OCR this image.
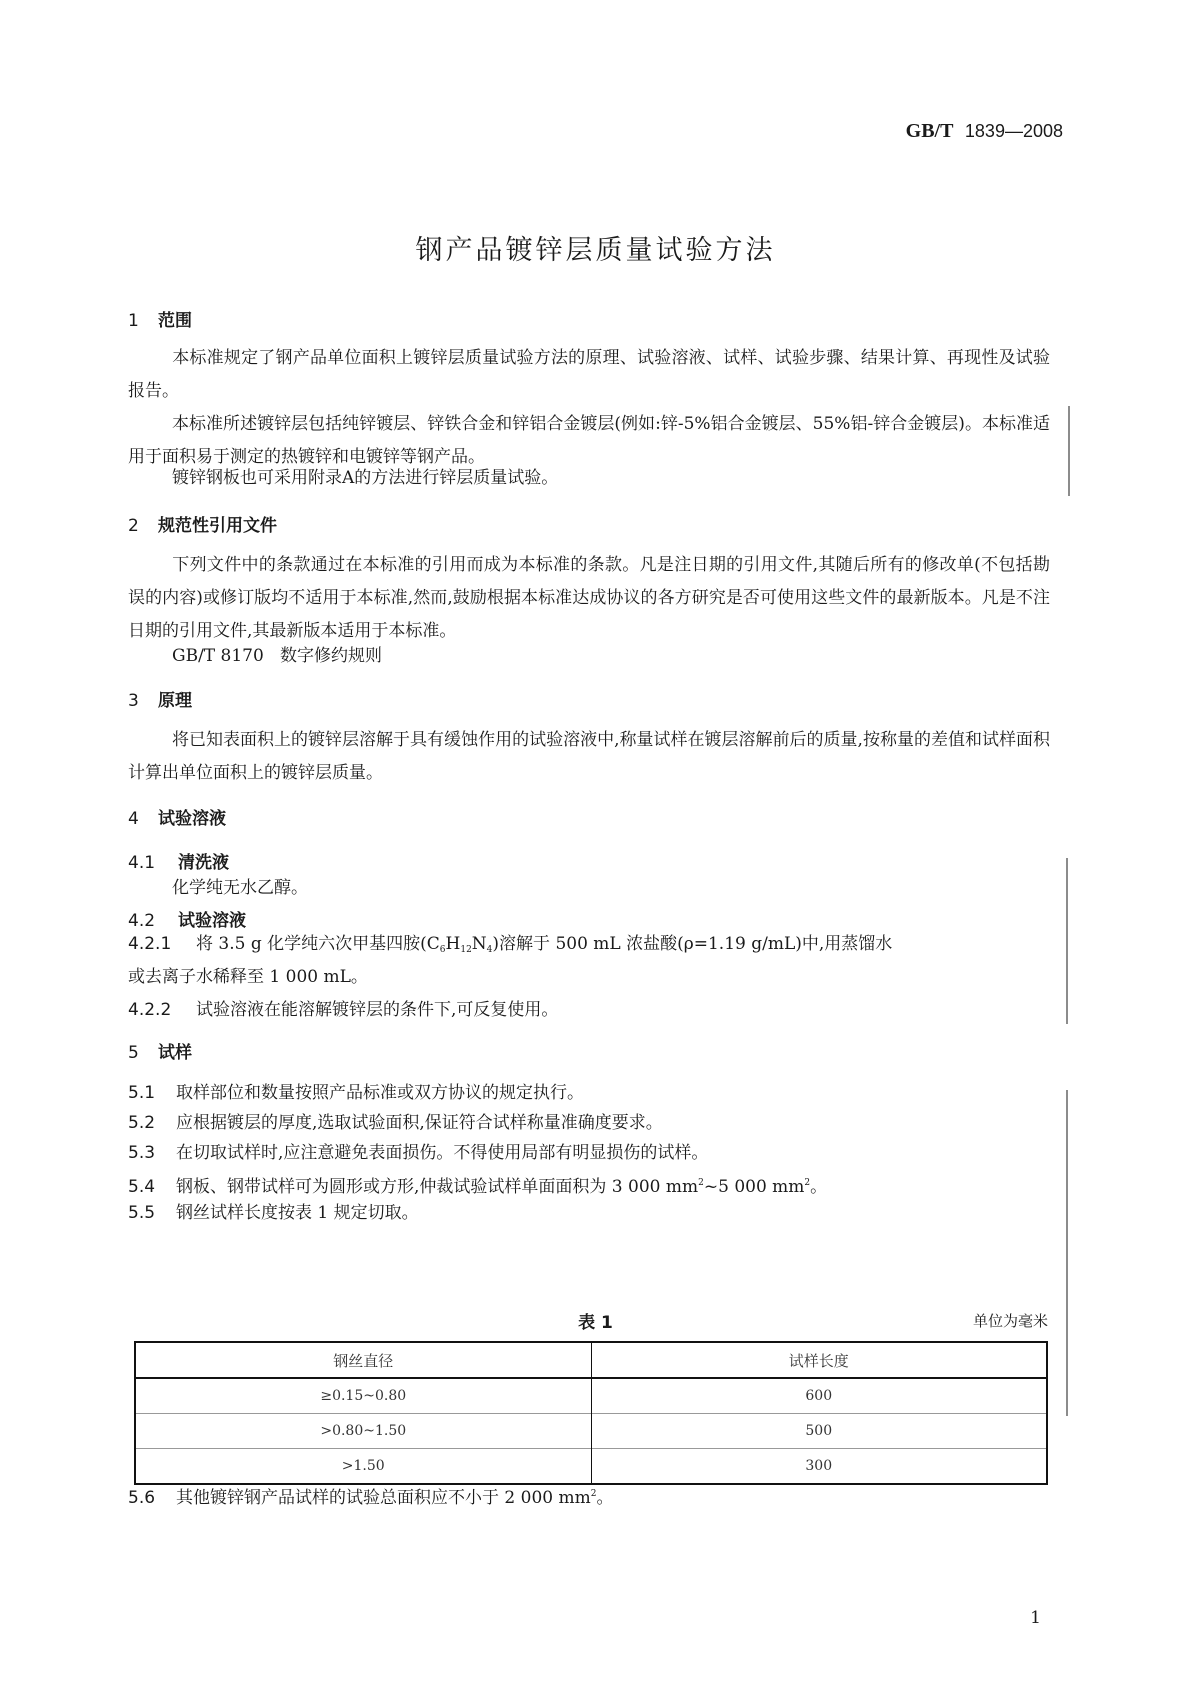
GB/T 1839—2008
钢产品镀锌层质量试验方法
1 范围
本标准规定了钢产品单位面积上镀锌层质量试验方法的原理、试验溶液、试样、试验步骤、结果计算、再现性及试验报告。
本标准所述镀锌层包括纯锌镀层、锌铁合金和锌铝合金镀层(例如:锌-5%铝合金镀层、55%铝-锌合金镀层)。本标准适用于面积易于测定的热镀锌和电镀锌等钢产品。
镀锌钢板也可采用附录A的方法进行锌层质量试验。
2 规范性引用文件
下列文件中的条款通过在本标准的引用而成为本标准的条款。凡是注日期的引用文件,其随后所有的修改单(不包括勘误的内容)或修订版均不适用于本标准,然而,鼓励根据本标准达成协议的各方研究是否可使用这些文件的最新版本。凡是不注日期的引用文件,其最新版本适用于本标准。
GB/T 8170 数字修约规则
3 原理
将已知表面积上的镀锌层溶解于具有缓蚀作用的试验溶液中,称量试样在镀层溶解前后的质量,按称量的差值和试样面积计算出单位面积上的镀锌层质量。
4 试验溶液
4.1 清洗液
化学纯无水乙醇。
4.2 试验溶液
4.2.1 将 3.5 g 化学纯六次甲基四胺$(C_6H_{12}N_4)$溶解于 500 mL 浓盐酸(ρ=1.19 g/mL)中,用蒸馏水
或去离子水稀释至 1 000 mL。
4.2.2 试验溶液在能溶解镀锌层的条件下,可反复使用。
5 试样
5.1 取样部位和数量按照产品标准或双方协议的规定执行。
5.2 应根据镀层的厚度,选取试验面积,保证符合试样称量准确度要求。
5.3 在切取试样时,应注意避免表面损伤。不得使用局部有明显损伤的试样。
5.4 钢板、钢带试样可为圆形或方形,仲裁试验试样单面面积为 3 000 $mm^2\sim 5$ 000 $mm^2$。
5.5 钢丝试样长度按表 1 规定切取。
表 1	单位为毫米
钢丝直径	试样长度
≥0.15~0.80	600
>0.80~1.50	500
>1.50	300
5.6 其他镀锌钢产品试样的试验总面积应不小于 2 000 $mm^2$。
1
